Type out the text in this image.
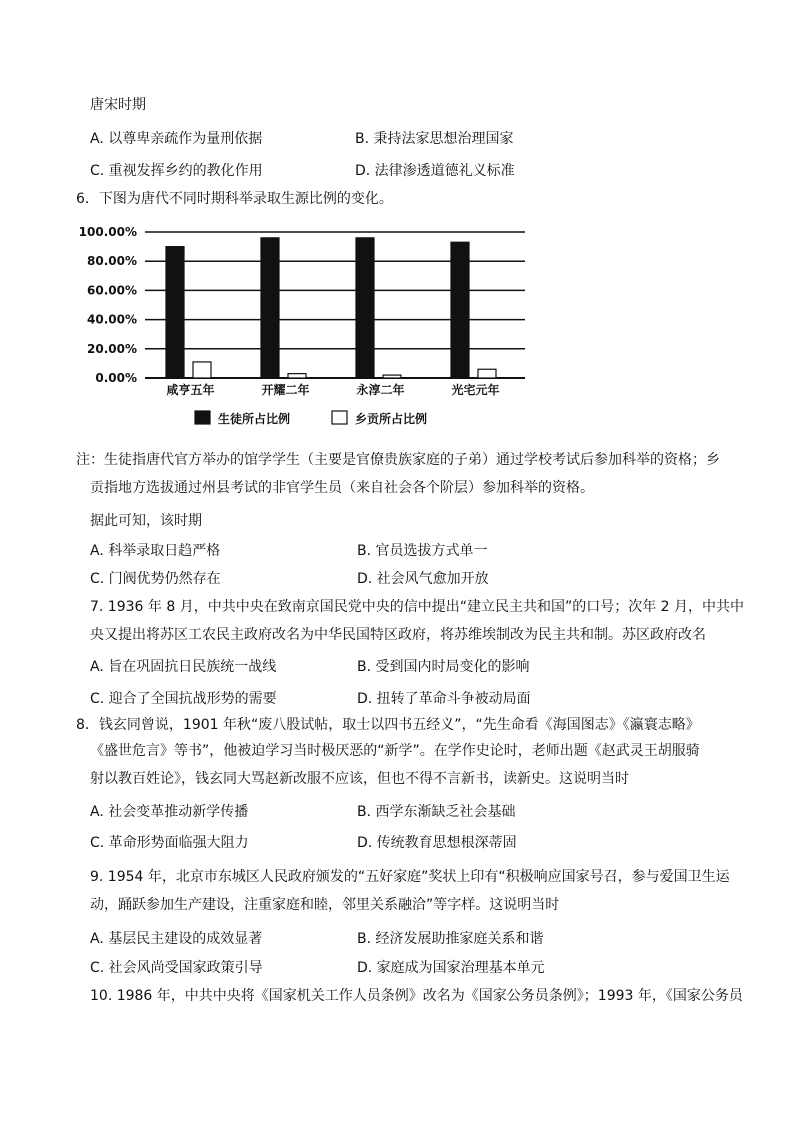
唐宋时期
A. 以尊卑亲疏作为量刑依据	B. 秉持法家思想治理国家
C. 重视发挥乡约的教化作用	D. 法律渗透道德礼义标准
6．下图为唐代不同时期科举录取生源比例的变化。
0.00%
20.00%
40.00%
60.00%
80.00%
100.00%
咸亨五年	开耀二年	永淳二年	光宅元年
生徒所占比例	乡贡所占比例
注：生徒指唐代官方举办的馆学学生（主要是官僚贵族家庭的子弟）通过学校考试后参加科举的资格；乡
贡指地方选拔通过州县考试的非官学生员（来自社会各个阶层）参加科举的资格。
据此可知，该时期
A. 科举录取日趋严格	B. 官员选拔方式单一
C. 门阀优势仍然存在	D. 社会风气愈加开放
7. 1936 年 8 月，中共中央在致南京国民党中央的信中提出“建立民主共和国”的口号；次年 2 月，中共中
央又提出将苏区工农民主政府改名为中华民国特区政府，将苏维埃制改为民主共和制。苏区政府改名
A. 旨在巩固抗日民族统一战线	B. 受到国内时局变化的影响
C. 迎合了全国抗战形势的需要	D. 扭转了革命斗争被动局面
8．钱玄同曾说，1901 年秋“废八股试帖，取士以四书五经义”，“先生命看《海国图志》《瀛寰志略》
《盛世危言》等书”，他被迫学习当时极厌恶的“新学”。在学作史论时，老师出题《赵武灵王胡服骑
射以教百姓论》，钱玄同大骂赵新改服不应该，但也不得不言新书，读新史。这说明当时
A. 社会变革推动新学传播	B. 西学东渐缺乏社会基础
C. 革命形势面临强大阻力	D. 传统教育思想根深蒂固
9. 1954 年，北京市东城区人民政府颁发的“五好家庭”奖状上印有“积极响应国家号召，参与爱国卫生运
动，踊跃参加生产建设，注重家庭和睦，邻里关系融洽”等字样。这说明当时
A. 基层民主建设的成效显著	B. 经济发展助推家庭关系和谐
C. 社会风尚受国家政策引导	D. 家庭成为国家治理基本单元
10. 1986 年，中共中央将《国家机关工作人员条例》改名为《国家公务员条例》；1993 年，《国家公务员
